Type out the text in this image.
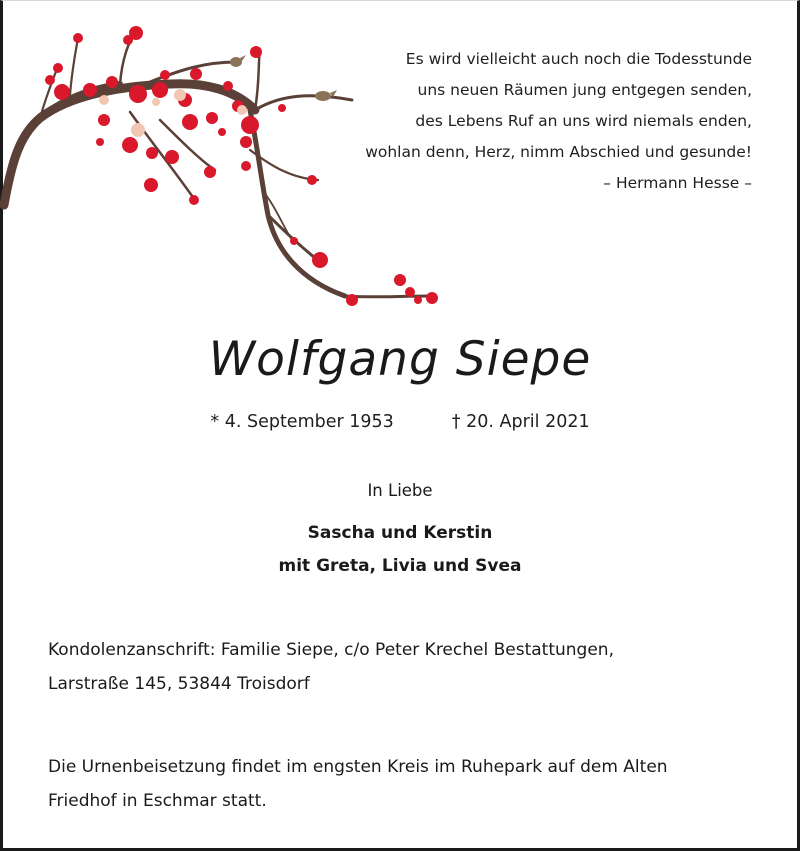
Es wird vielleicht auch noch die Todesstunde
uns neuen Räumen jung entgegen senden,
des Lebens Ruf an uns wird niemals enden,
wohlan denn, Herz, nimm Abschied und gesunde!
– Hermann Hesse –
Wolfgang Siepe
* 4. September 1953	† 20. April 2021
In Liebe
Sascha und Kerstin
mit Greta, Livia und Svea
Kondolenzanschrift: Familie Siepe, c/o Peter Krechel Bestattungen,
Larstraße 145, 53844 Troisdorf
Die Urnenbeisetzung findet im engsten Kreis im Ruhepark auf dem Alten
Friedhof in Eschmar statt.
